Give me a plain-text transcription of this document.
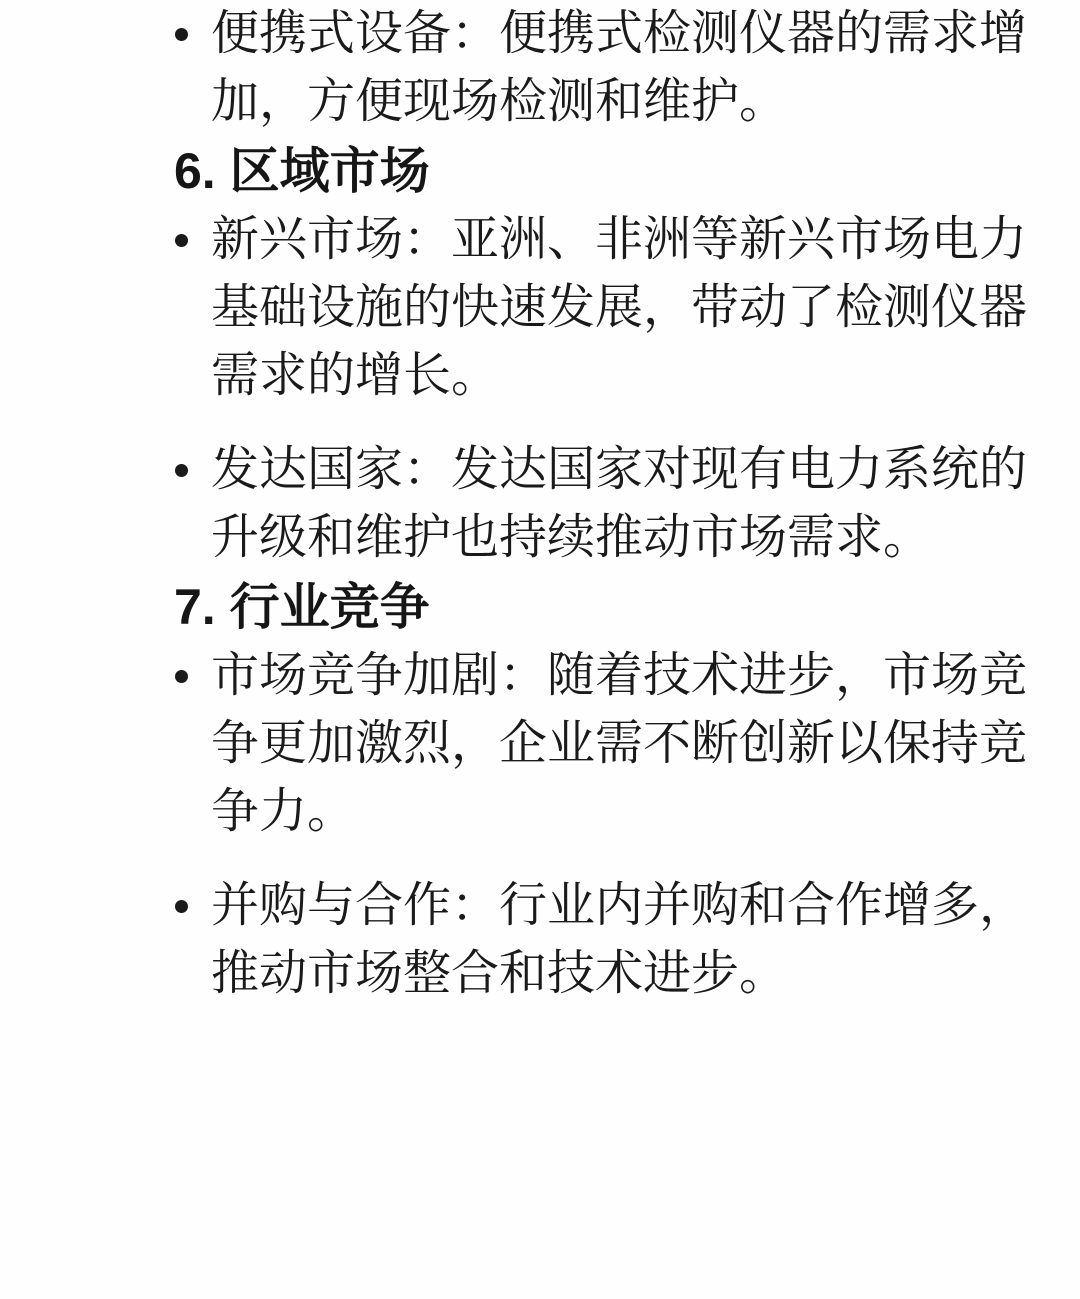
便携式设备：便携式检测仪器的需求增加，方便现场检测和维护。
6. 区域市场
新兴市场：亚洲、非洲等新兴市场电力基础设施的快速发展，带动了检测仪器需求的增长。
发达国家：发达国家对现有电力系统的升级和维护也持续推动市场需求。
7. 行业竞争
市场竞争加剧：随着技术进步，市场竞争更加激烈，企业需不断创新以保持竞争力。
并购与合作：行业内并购和合作增多，推动市场整合和技术进步。
